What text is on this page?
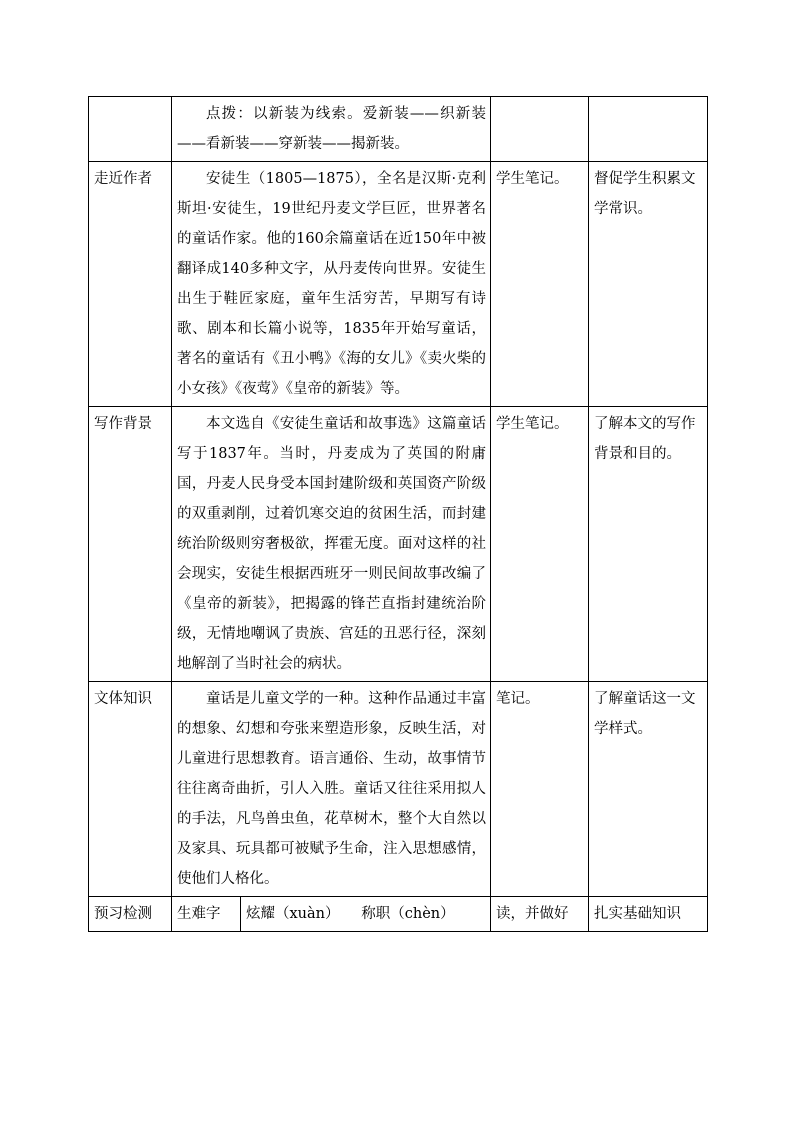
	点拨：以新装为线索。爱新装——织新装——看新装——穿新装——揭新装。			

走近作者	安徒生（1805—1875），全名是汉斯·克利斯坦·安徒生，19世纪丹麦文学巨匠，世界著名的童话作家。他的160余篇童话在近150年中被翻译成140多种文字，从丹麦传向世界。安徒生出生于鞋匠家庭，童年生活穷苦，早期写有诗歌、剧本和长篇小说等，1835年开始写童话，著名的童话有《丑小鸭》《海的女儿》《卖火柴的小女孩》《夜莺》《皇帝的新装》等。		学生笔记。	督促学生积累文学常识。
写作背景	本文选自《安徒生童话和故事选》这篇童话写于1837年。当时，丹麦成为了英国的附庸国，丹麦人民身受本国封建阶级和英国资产阶级的双重剥削，过着饥寒交迫的贫困生活，而封建统治阶级则穷奢极欲，挥霍无度。面对这样的社会现实，安徒生根据西班牙一则民间故事改编了《皇帝的新装》，把揭露的锋芒直指封建统治阶级，无情地嘲讽了贵族、宫廷的丑恶行径，深刻地解剖了当时社会的病状。		学生笔记。	了解本文的写作背景和目的。
文体知识	童话是儿童文学的一种。这种作品通过丰富的想象、幻想和夸张来塑造形象，反映生活，对儿童进行思想教育。语言通俗、生动，故事情节往往离奇曲折，引人入胜。童话又往往采用拟人的手法，凡鸟兽虫鱼，花草树木，整个大自然以及家具、玩具都可被赋予生命，注入思想感情，使他们人格化。		笔记。	了解童话这一文学样式。
预习检测	生难字	炫耀（xuàn）　　称职（chèn）	读，并做好	扎实基础知识
